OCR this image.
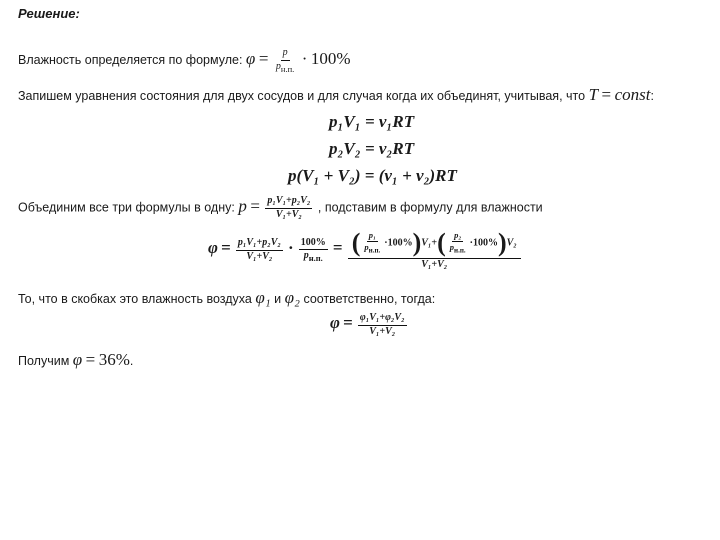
Решение:
Влажность определяется по формуле: $\varphi = \frac{p}{p_{н.п.}} \cdot 100\%$
Запишем уравнения состояния для двух сосудов и для случая когда их объединят, учитывая, что T = const:
p₁V₁ = ν₁RT
p₂V₂ = ν₂RT
p(V₁ + V₂) = (ν₁ + ν₂)RT
Объединим все три формулы в одну: $p = \frac{\text{p₁V₁+p₂V₂}}{\text{V₁+V₂}}$ , подставим в формулу для влажности
$\varphi = \frac{\text{p₁V₁+p₂V₂}}{\text{V₁+V₂}} \cdot \frac{100\%}{p_{н.п.}} = \frac{( \frac{\text{p₁}}{p_{н.п.}} \cdot 100\%)V_1+( \frac{\text{p₂}}{p_{н.п.}} \cdot 100\%)V_2}{\text{V₁+V₂}}$
То, что в скобках это влажность воздуха φ₁ и φ₂ соответственно, тогда:
$\varphi = \frac{\text{φ₁V₁+φ₂V₂}}{\text{V₁+V₂}}$
Получим φ = 36%.
